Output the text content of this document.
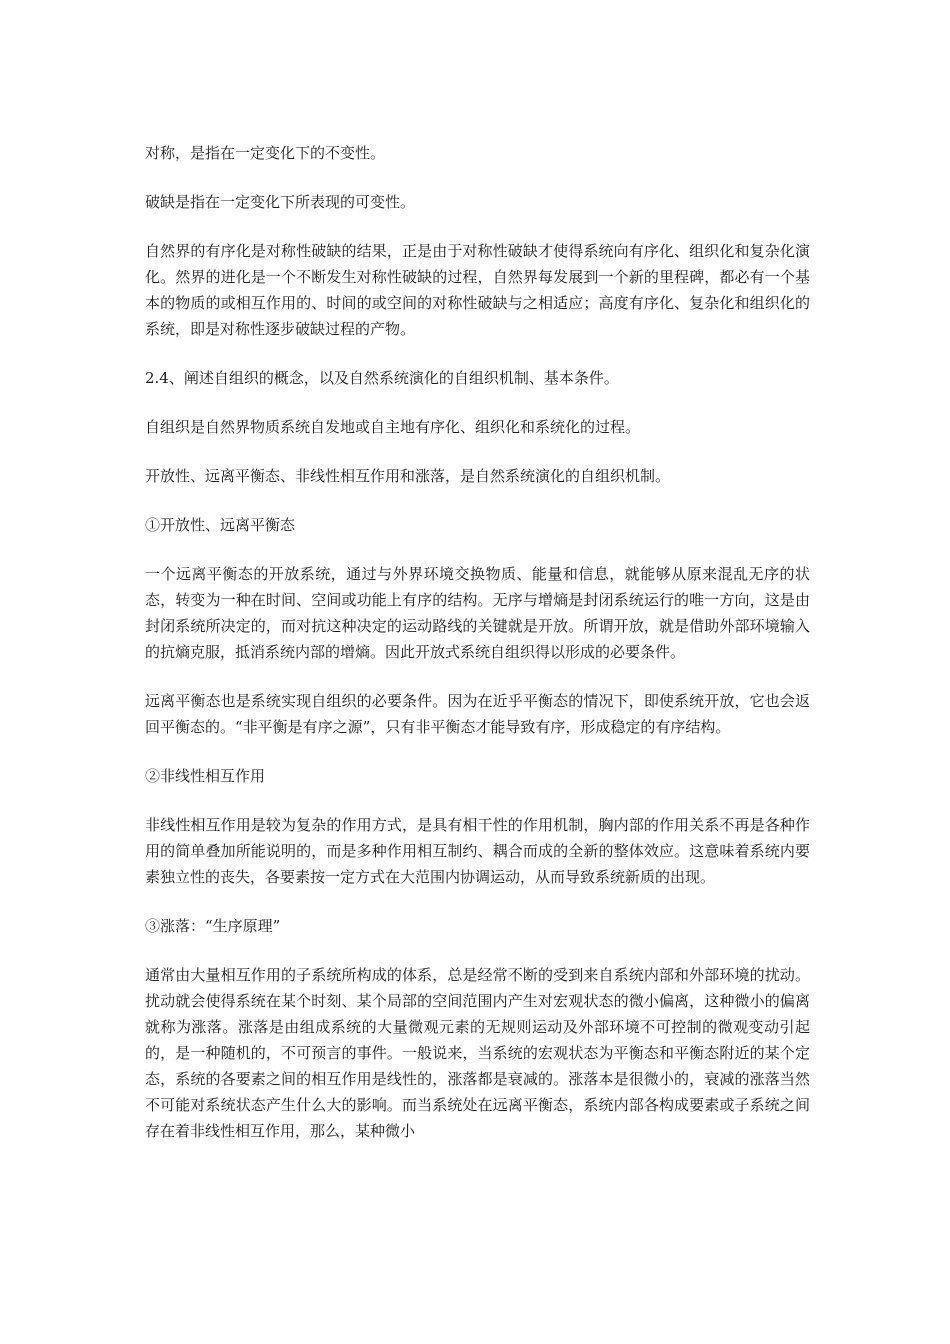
对称，是指在一定变化下的不变性。

破缺是指在一定变化下所表现的可变性。

自然界的有序化是对称性破缺的结果，正是由于对称性破缺才使得系统向有序化、组织化和复杂化演化。然界的进化是一个不断发生对称性破缺的过程，自然界每发展到一个新的里程碑，都必有一个基本的物质的或相互作用的、时间的或空间的对称性破缺与之相适应；高度有序化、复杂化和组织化的系统，即是对称性逐步破缺过程的产物。

2.4、阐述自组织的概念，以及自然系统演化的自组织机制、基本条件。

自组织是自然界物质系统自发地或自主地有序化、组织化和系统化的过程。

开放性、远离平衡态、非线性相互作用和涨落，是自然系统演化的自组织机制。

①开放性、远离平衡态

一个远离平衡态的开放系统，通过与外界环境交换物质、能量和信息，就能够从原来混乱无序的状态，转变为一种在时间、空间或功能上有序的结构。无序与增熵是封闭系统运行的唯一方向，这是由封闭系统所决定的，而对抗这种决定的运动路线的关键就是开放。所谓开放，就是借助外部环境输入的抗熵克服，抵消系统内部的增熵。因此开放式系统自组织得以形成的必要条件。

远离平衡态也是系统实现自组织的必要条件。因为在近乎平衡态的情况下，即使系统开放，它也会返回平衡态的。“非平衡是有序之源”，只有非平衡态才能导致有序，形成稳定的有序结构。

②非线性相互作用

非线性相互作用是较为复杂的作用方式，是具有相干性的作用机制，胸内部的作用关系不再是各种作用的简单叠加所能说明的，而是多种作用相互制约、耦合而成的全新的整体效应。这意味着系统内要素独立性的丧失，各要素按一定方式在大范围内协调运动，从而导致系统新质的出现。

③涨落：“生序原理”

通常由大量相互作用的子系统所构成的体系，总是经常不断的受到来自系统内部和外部环境的扰动。扰动就会使得系统在某个时刻、某个局部的空间范围内产生对宏观状态的微小偏离，这种微小的偏离就称为涨落。涨落是由组成系统的大量微观元素的无规则运动及外部环境不可控制的微观变动引起的，是一种随机的，不可预言的事件。一般说来，当系统的宏观状态为平衡态和平衡态附近的某个定态，系统的各要素之间的相互作用是线性的，涨落都是衰减的。涨落本是很微小的，衰减的涨落当然不可能对系统状态产生什么大的影响。而当系统处在远离平衡态，系统内部各构成要素或子系统之间存在着非线性相互作用，那么，某种微小
